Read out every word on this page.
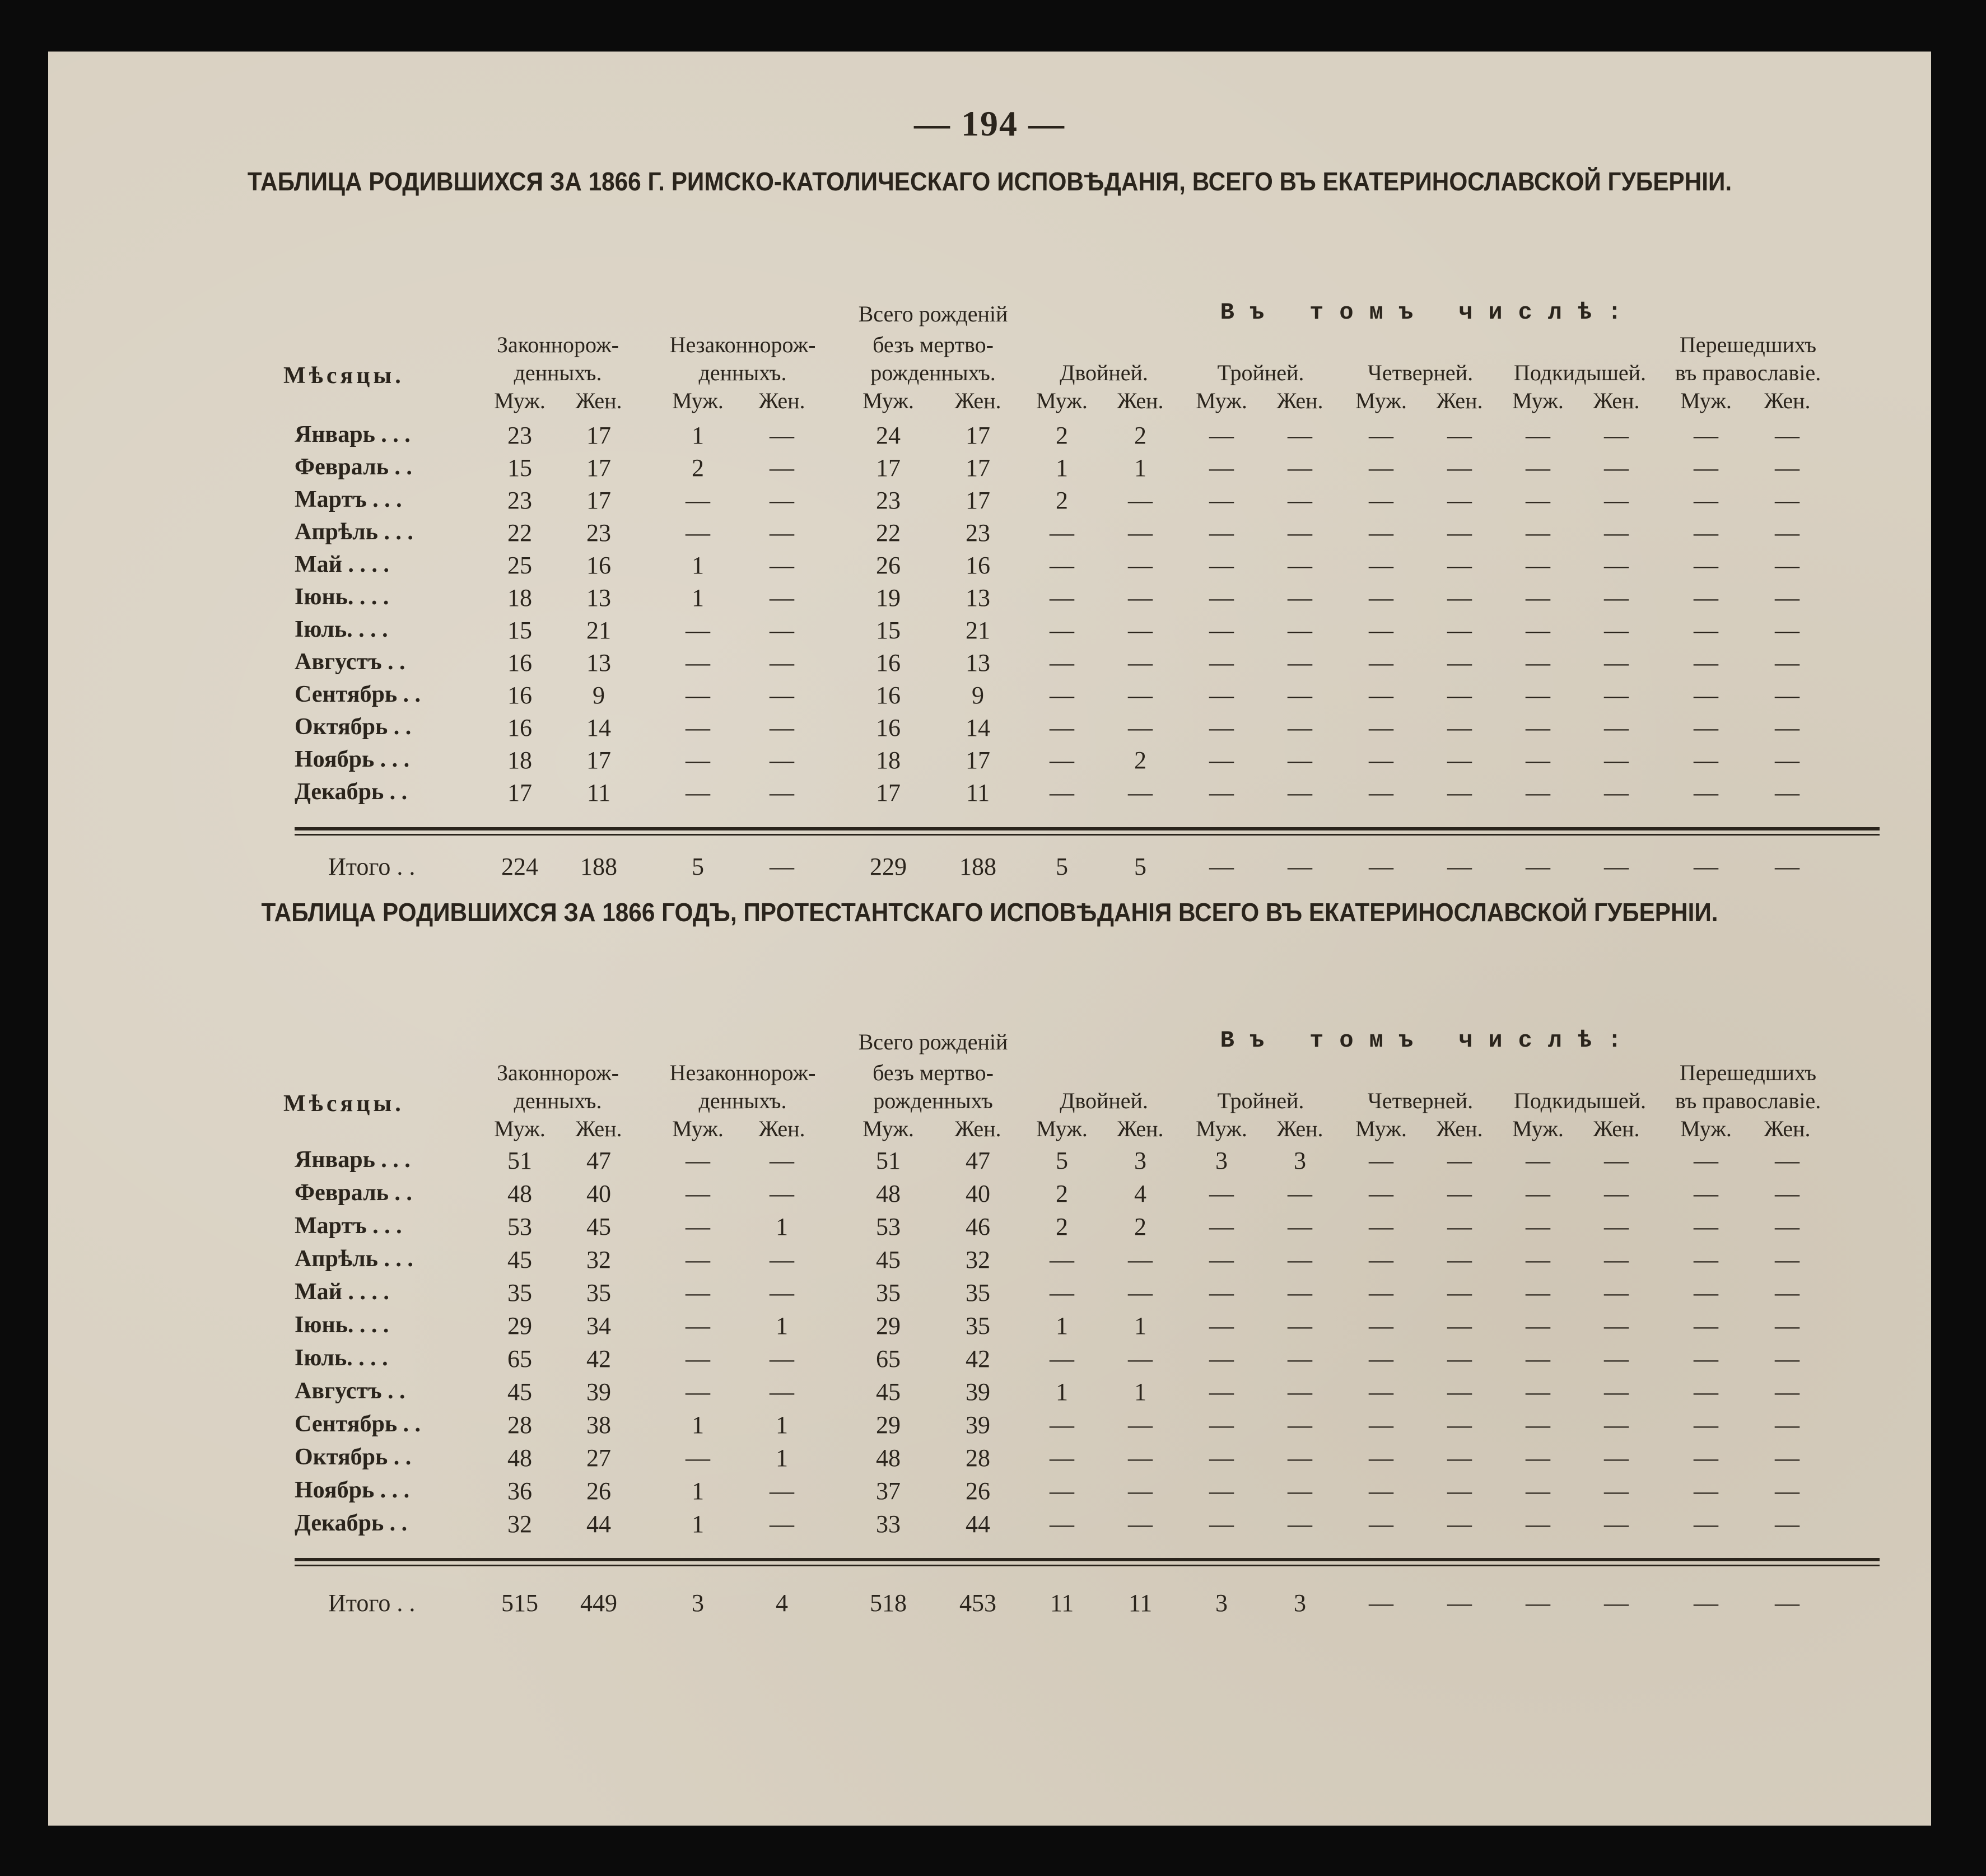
— 194 —
ТАБЛИЦА РОДИВШИХСЯ ЗА 1866 Г. РИМСКО-КАТОЛИЧЕСКАГО ИСПОВѢДАНIЯ, ВСЕГО ВЪ ЕКАТЕРИНОСЛАВСКОЙ ГУБЕРНIИ.
ТАБЛИЦА РОДИВШИХСЯ ЗА 1866 ГОДЪ, ПРОТЕСТАНТСКАГО ИСПОВѢДАНIЯ ВСЕГО ВЪ ЕКАТЕРИНОСЛАВСКОЙ ГУБЕРНIИ.
Мѣсяцы.
Законнорож-
денныхъ.
Незаконнорож-
денныхъ.
Всего рожденiй
безъ мертво-
рожденныхъ.
Въ томъ числѣ:
Двойней.	Тройней.	Четверней.	Подкидышей.
Перешедшихъ
въ православie.
Муж.	Жен.	Муж.	Жен.	Муж.	Жен.	Муж.	Жен.	Муж.	Жен.	Муж.	Жен.	Муж.	Жен.	Муж.	Жен.
Январь . . .	23	17	1	—	24	17	2	2	—	—	—	—	—	—	—	—
Февраль . .	15	17	2	—	17	17	1	1	—	—	—	—	—	—	—	—
Мартъ . . .	23	17	—	—	23	17	2	—	—	—	—	—	—	—	—	—
Апрѣль . . .	22	23	—	—	22	23	—	—	—	—	—	—	—	—	—	—
Май . . . .	25	16	1	—	26	16	—	—	—	—	—	—	—	—	—	—
Iюнь. . . .	18	13	1	—	19	13	—	—	—	—	—	—	—	—	—	—
Iюль. . . .	15	21	—	—	15	21	—	—	—	—	—	—	—	—	—	—
Августъ . .	16	13	—	—	16	13	—	—	—	—	—	—	—	—	—	—
Сентябрь . .	16	9	—	—	16	9	—	—	—	—	—	—	—	—	—	—
Октябрь . .	16	14	—	—	16	14	—	—	—	—	—	—	—	—	—	—
Ноябрь . . .	18	17	—	—	18	17	—	2	—	—	—	—	—	—	—	—
Декабрь . .	17	11	—	—	17	11	—	—	—	—	—	—	—	—	—	—
Итого . .	224	188	5	—	229	188	5	5	—	—	—	—	—	—	—	—
Мѣсяцы.
Законнорож-
денныхъ.
Незаконнорож-
денныхъ.
Всего рожденiй
безъ мертво-
рожденныхъ
Въ томъ числѣ:
Двойней.	Тройней.	Четверней.	Подкидышей.
Перешедшихъ
въ православie.
Муж.	Жен.	Муж.	Жен.	Муж.	Жен.	Муж.	Жен.	Муж.	Жен.	Муж.	Жен.	Муж.	Жен.	Муж.	Жен.
Январь . . .	51	47	—	—	51	47	5	3	3	3	—	—	—	—	—	—
Февраль . .	48	40	—	—	48	40	2	4	—	—	—	—	—	—	—	—
Мартъ . . .	53	45	—	1	53	46	2	2	—	—	—	—	—	—	—	—
Апрѣль . . .	45	32	—	—	45	32	—	—	—	—	—	—	—	—	—	—
Май . . . .	35	35	—	—	35	35	—	—	—	—	—	—	—	—	—	—
Iюнь. . . .	29	34	—	1	29	35	1	1	—	—	—	—	—	—	—	—
Iюль. . . .	65	42	—	—	65	42	—	—	—	—	—	—	—	—	—	—
Августъ . .	45	39	—	—	45	39	1	1	—	—	—	—	—	—	—	—
Сентябрь . .	28	38	1	1	29	39	—	—	—	—	—	—	—	—	—	—
Октябрь . .	48	27	—	1	48	28	—	—	—	—	—	—	—	—	—	—
Ноябрь . . .	36	26	1	—	37	26	—	—	—	—	—	—	—	—	—	—
Декабрь . .	32	44	1	—	33	44	—	—	—	—	—	—	—	—	—	—
Итого . .	515	449	3	4	518	453	11	11	3	3	—	—	—	—	—	—
